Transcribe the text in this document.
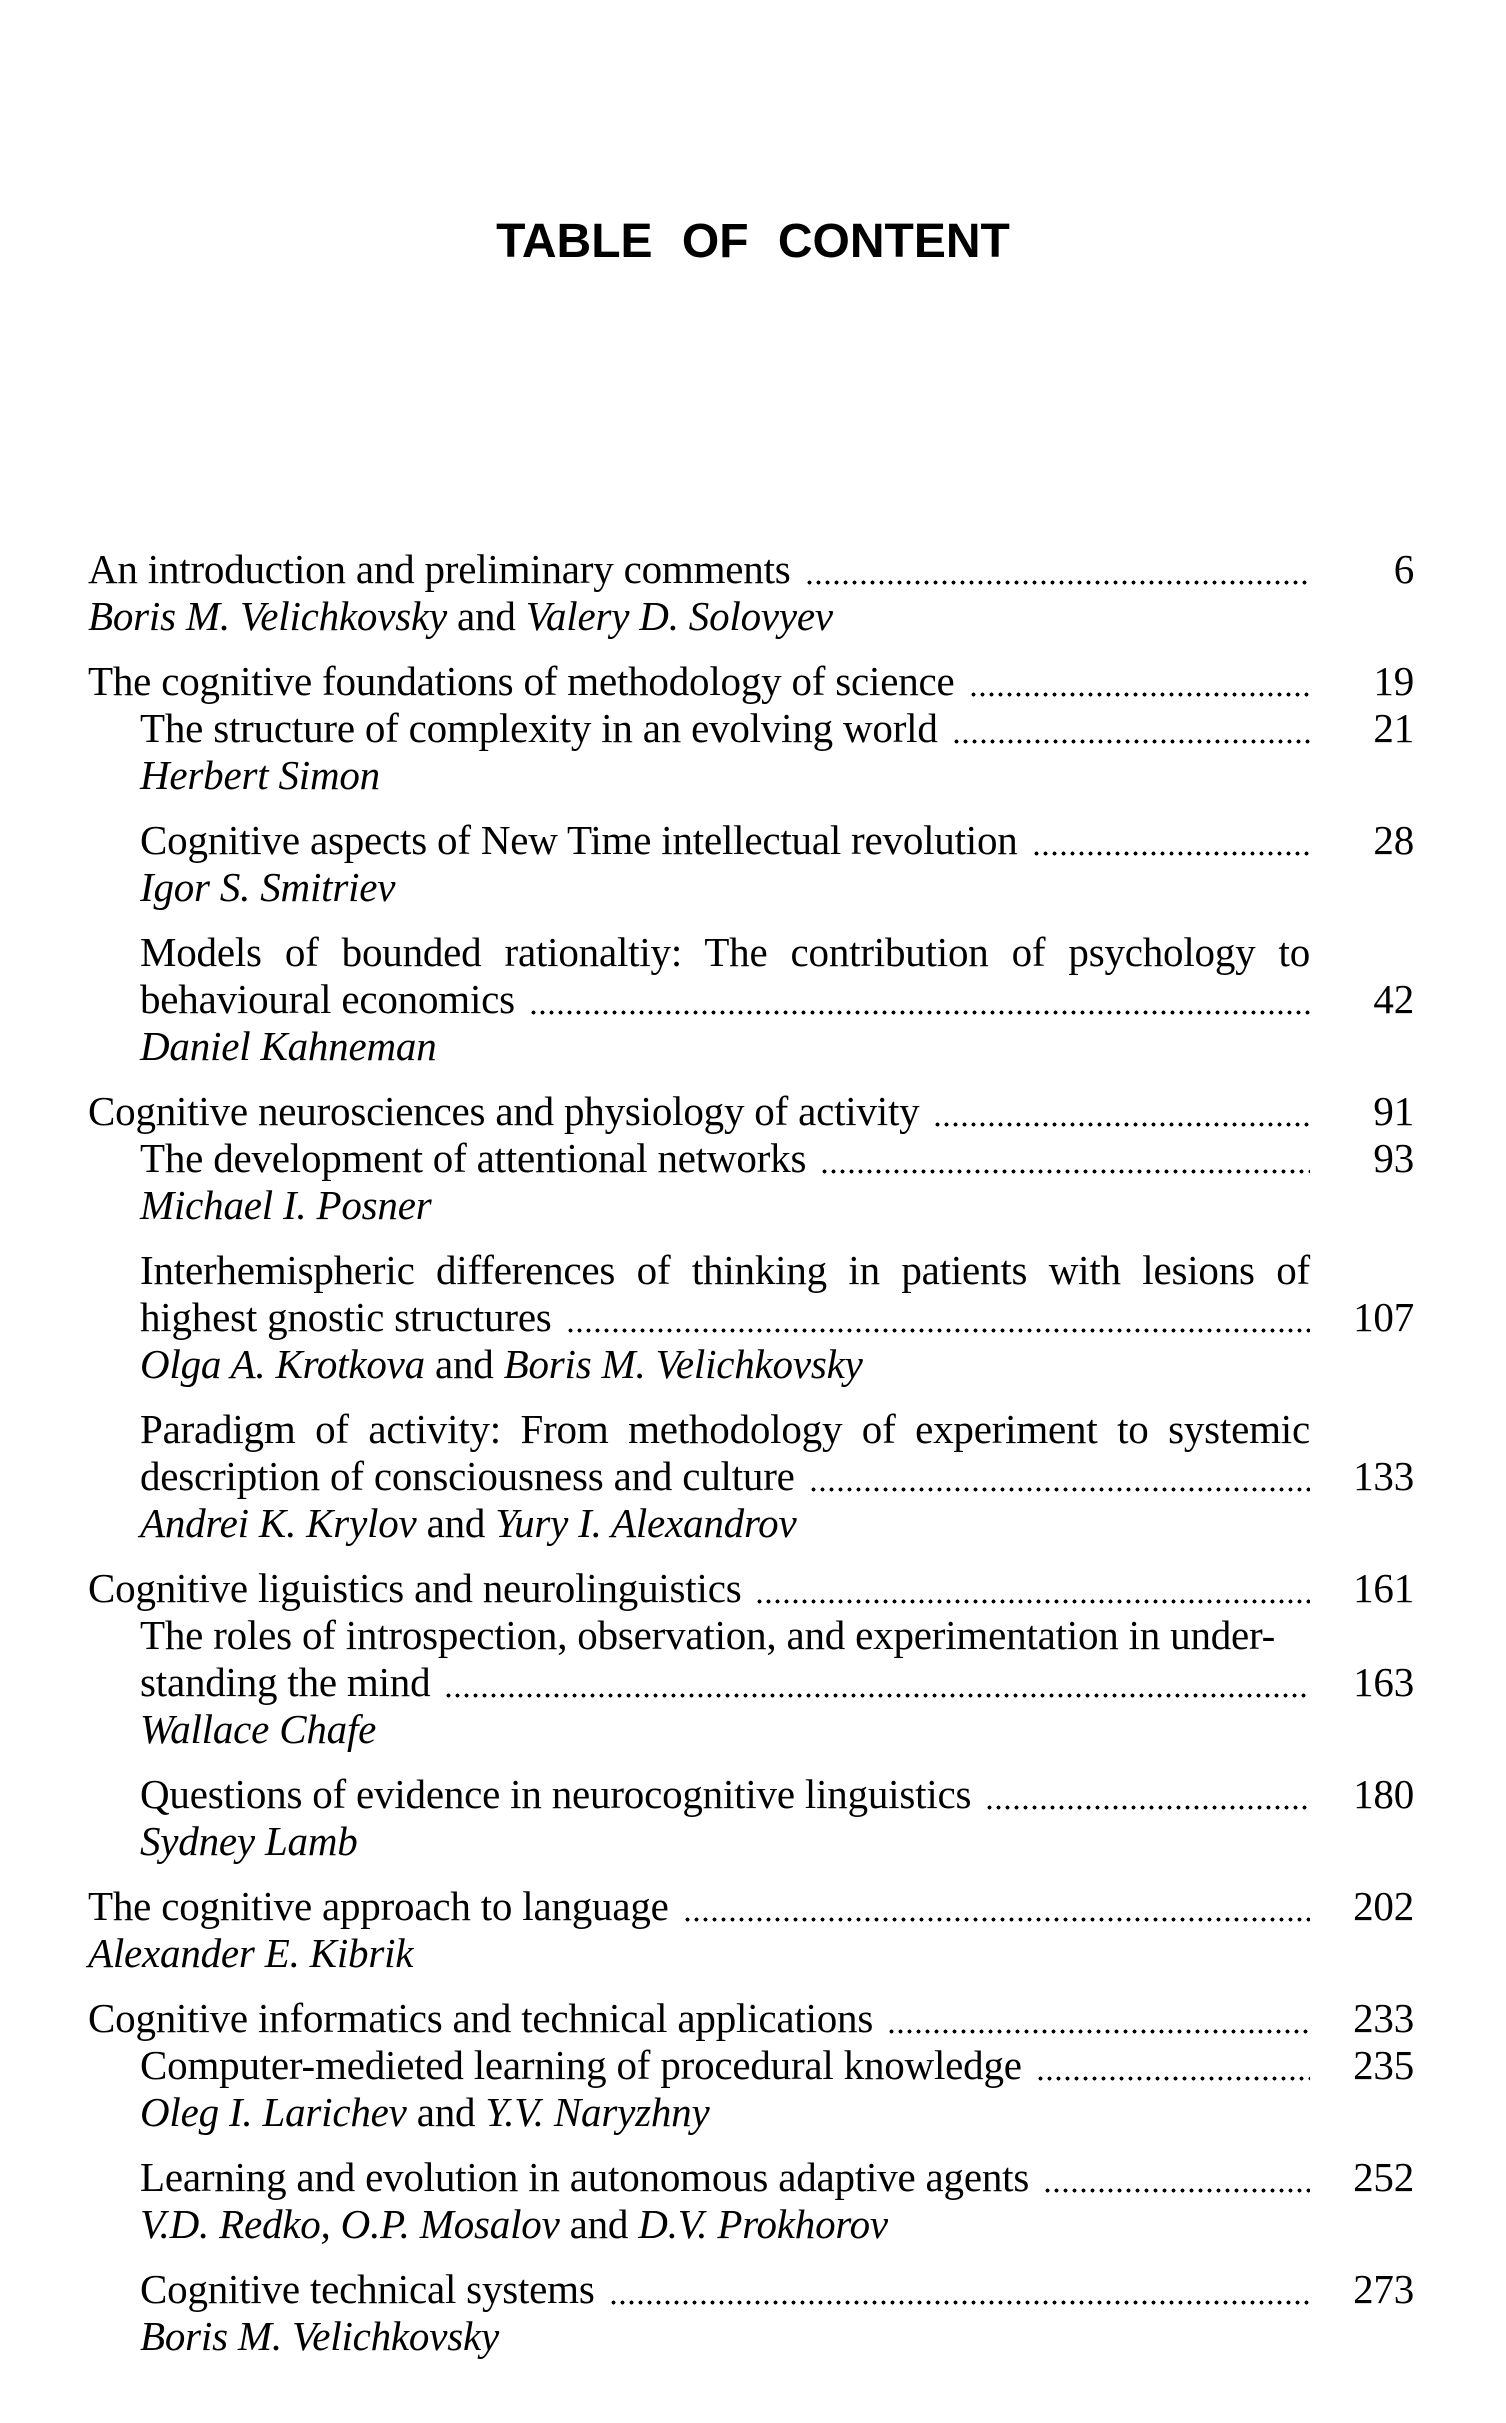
TABLE OF CONTENT
An introduction and preliminary comments	6
Boris M. Velichkovsky and Valery D. Solovyev
The cognitive foundations of methodology of science	19
The structure of complexity in an evolving world	21
Herbert Simon
Cognitive aspects of New Time intellectual revolution	28
Igor S. Smitriev
Models of bounded rationaltiy: The contribution of psychology to
behavioural economics	42
Daniel Kahneman
Cognitive neurosciences and physiology of activity	91
The development of attentional networks	93
Michael I. Posner
Interhemispheric differences of thinking in patients with lesions of
highest gnostic structures	107
Olga A. Krotkova and Boris M. Velichkovsky
Paradigm of activity: From methodology of experiment to systemic
description of consciousness and culture	133
Andrei K. Krylov and Yury I. Alexandrov
Cognitive liguistics and neurolinguistics	161
The roles of introspection, observation, and experimentation in under-
standing the mind	163
Wallace Chafe
Questions of evidence in neurocognitive linguistics	180
Sydney Lamb
The cognitive approach to language	202
Alexander E. Kibrik
Cognitive informatics and technical applications	233
Computer-medieted learning of procedural knowledge	235
Oleg I. Larichev and Y.V. Naryzhny
Learning and evolution in autonomous adaptive agents	252
V.D. Redko, O.P. Mosalov and D.V. Prokhorov
Cognitive technical systems	273
Boris M. Velichkovsky
